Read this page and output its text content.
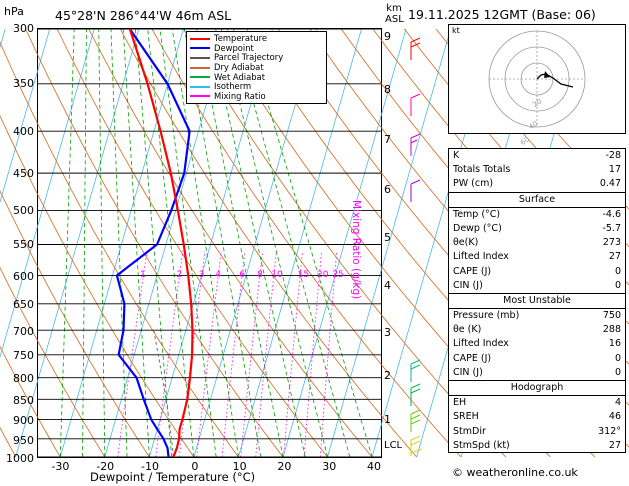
hPa 45°28'N 286°44'W 46m ASL	km
ASL
Temperature
Dewpoint
Parcel Trajectory
Dry Adiabat
Wet Adiabat
Isotherm
Mixing Ratio
300
350
400
450
500
550
600
650
700
750
800
850
900
950
1000
-30	-20	-10	0	10	20	30	40
9
8
7
6
5
4
3
2
1
1	2 3 4 6 8 10 15 20 25
Dewpoint / Temperature (°C)
Mixing Ratio (g/kg)
LCL
19.11.2025 12GMT (Base: 06)
kt
20
40
60
K	-28
Totals Totals	17
PW (cm)	0.47
Surface
Temp (°C)	-4.6
Dewp (°C)	-5.7
θe(K)	273
Lifted Index	27
CAPE (J)	0
CIN (J)	0
Most Unstable
Pressure (mb)	750
θe (K)	288
Lifted Index	16
CAPE (J)	0
CIN (J)	0
Hodograph
EH	4
SREH	46
StmDir	312°
StmSpd (kt)	27
© weatheronline.co.uk
